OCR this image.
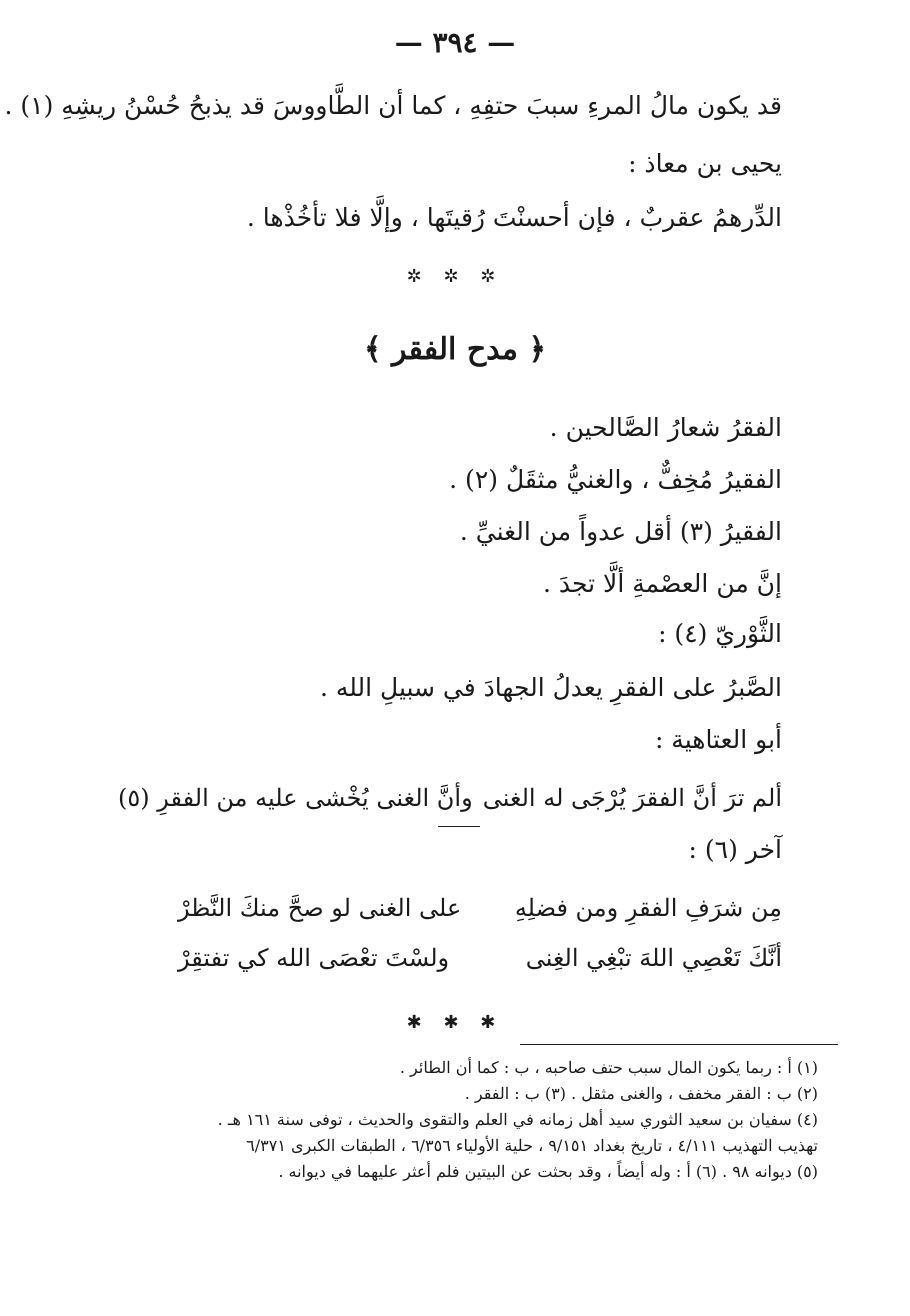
— ٣٩٤ —
قد يكون مالُ المرءِ سببَ حتفِهِ ، كما أن الطَّاووسَ قد يذبحُ حُسْنُ ريشِهِ (١) .
يحيى بن معاذ :
الدِّرهمُ عقربٌ ، فإن أحسنْتَ رُقيتَها ، وإلَّا فلا تأخُذْها .
✲ ✲ ✲
﴿ مدح الفقر ﴾
الفقرُ شعارُ الصَّالحين .
الفقيرُ مُخِفٌّ ، والغنيُّ مثقَلٌ (٢) .
الفقيرُ (٣) أقل عدواً من الغنيِّ .
إنَّ من العصْمةِ ألَّا تجدَ .
الثَّوْريّ (٤) :
الصَّبرُ على الفقرِ يعدلُ الجهادَ في سبيلِ الله .
أبو العتاهية :
ألم ترَ أنَّ الفقرَ يُرْجَى له الغنى
وأنَّ الغنى يُخْشى عليه من الفقرِ (٥)
آخر (٦) :
مِن شرَفِ الفقرِ ومن فضلِهِ
على الغنى لو صحَّ منكَ النَّظرْ
أنَّكَ تَعْصِي اللهَ تبْغِي الغِنى
ولسْتَ تعْصَى الله كي تفتقِرْ
✱ ✱ ✱
(١) أ : ربما يكون المال سبب حتف صاحبه ، ب : كما أن الطائر .
(٢) ب : الفقر مخفف ، والغنى مثقل . (٣) ب : الفقر .
(٤) سفيان بن سعيد الثوري سيد أهل زمانه في العلم والتقوى والحديث ، توفى سنة ١٦١ هـ .
تهذيب التهذيب ٤/١١١ ، تاريخ بغداد ٩/١٥١ ، حلية الأولياء ٦/٣٥٦ ، الطبقات الكبرى ٦/٣٧١
(٥) ديوانه ٩٨ . (٦) أ : وله أيضاً ، وقد بحثت عن البيتين فلم أعثر عليهما في ديوانه .
